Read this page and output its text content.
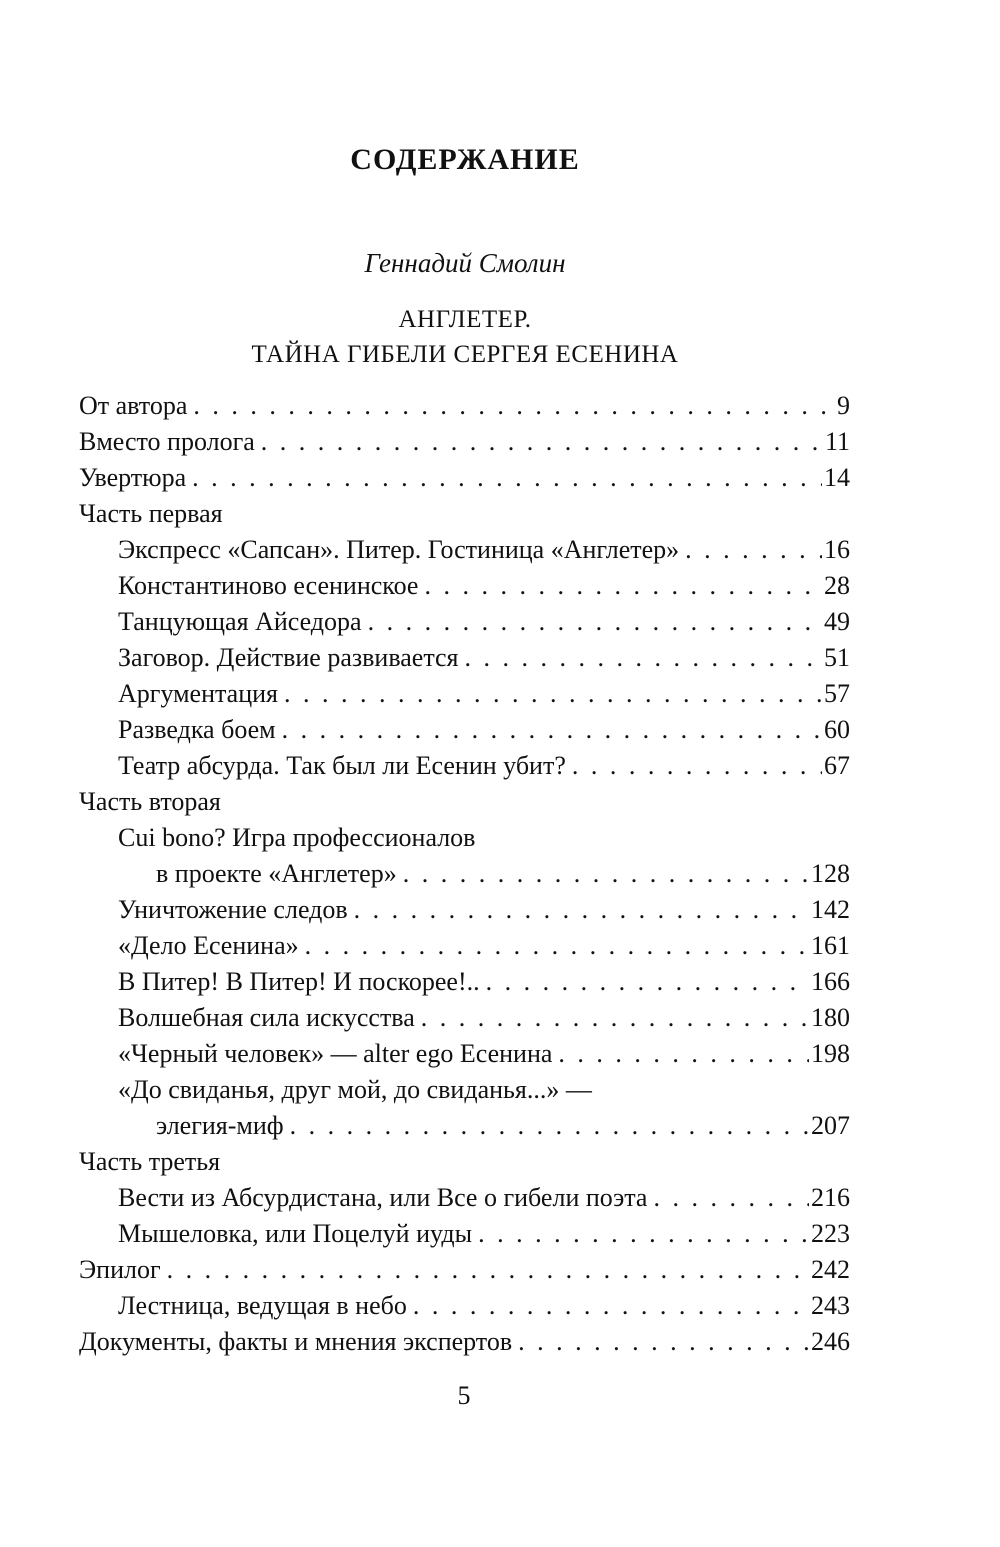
СОДЕРЖАНИЕ
Геннадий Смолин
АНГЛЕТЕР.
ТАЙНА ГИБЕЛИ СЕРГЕЯ ЕСЕНИНА
От автора . . .	9
Вместо пролога . . .	11
Увертюра . . .	14
Часть первая
Экспресс «Сапсан». Питер. Гостиница «Англетер» . . .	16
Константиново есенинское . . .	28
Танцующая Айседора . . .	49
Заговор. Действие развивается . . .	51
Аргументация . . .	57
Разведка боем . . .	60
Театр абсурда. Так был ли Есенин убит? . . .	67
Часть вторая
Cui bono? Игра профессионалов
в проекте «Англетер» . . .	128
Уничтожение следов . . .	142
«Дело Есенина» . . .	161
В Питер! В Питер! И поскорее!.. . . .	166
Волшебная сила искусства . . .	180
«Черный человек» — alter ego Есенина . . .	198
«До свиданья, друг мой, до свиданья...» —
элегия-миф . . .	207
Часть третья
Вести из Абсурдистана, или Все о гибели поэта . . .	216
Мышеловка, или Поцелуй иуды . . .	223
Эпилог . . .	242
Лестница, ведущая в небо . . .	243
Документы, факты и мнения экспертов . . .	246
5
